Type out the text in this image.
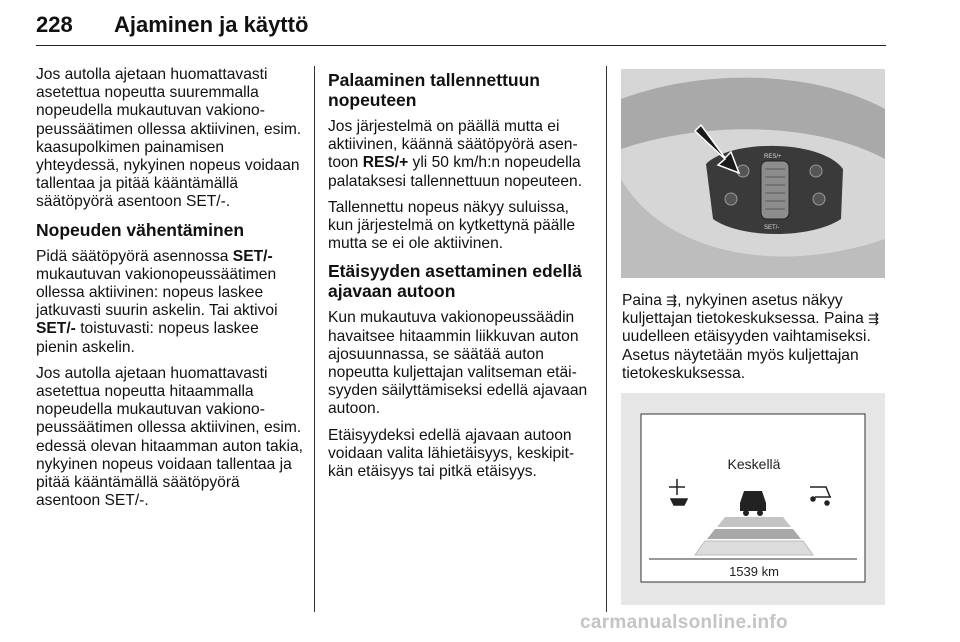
228 Ajaminen ja käyttö

Jos autolla ajetaan huomattavasti asetettua nopeutta suuremmalla nopeudella mukautuvan vakionopeussäätimen ollessa aktiivinen, esim. kaasupolkimen painamisen yhteydessä, nykyinen nopeus voidaan tallentaa ja pitää kääntämällä säätöpyörä asentoon SET/-.

Nopeuden vähentäminen

Pidä säätöpyörä asennossa SET/- mukautuvan vakionopeussäätimen ollessa aktiivinen: nopeus laskee jatkuvasti suurin askelin. Tai aktivoi SET/- toistuvasti: nopeus laskee pienin askelin.

Jos autolla ajetaan huomattavasti asetettua nopeutta hitaammalla nopeudella mukautuvan vakionopeussäätimen ollessa aktiivinen, esim. edessä olevan hitaamman auton takia, nykyinen nopeus voidaan tallentaa ja pitää kääntämällä säätöpyörä asentoon SET/-.

Palaaminen tallennettuun nopeuteen

Jos järjestelmä on päällä mutta ei aktiivinen, käännä säätöpyörä asentoon RES/+ yli 50 km/h:n nopeudella palataksesi tallennettuun nopeuteen.

Tallennettu nopeus näkyy suluissa, kun järjestelmä on kytkettynä päälle mutta se ei ole aktiivinen.

Etäisyyden asettaminen edellä ajavaan autoon

Kun mukautuva vakionopeussäädin havaitsee hitaammin liikkuvan auton ajosuunnassa, se säätää auton nopeutta kuljettajan valitseman etäisyyden säilyttämiseksi edellä ajavaan autoon.

Etäisyydeksi edellä ajavaan autoon voidaan valita lähietäisyys, keskipitkän etäisyys tai pitkä etäisyys.

RES/+
SET/-

Paina ⇶, nykyinen asetus näkyy kuljettajan tietokeskuksessa. Paina ⇶ uudelleen etäisyyden vaihtamiseksi. Asetus näytetään myös kuljettajan tietokeskuksessa.

Keskellä
1539 km
carmanualsonline.info
